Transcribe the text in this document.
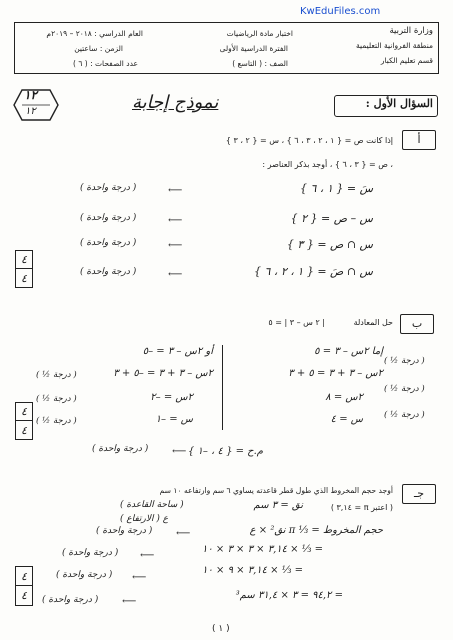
KwEduFiles.com
وزارة التربية
منطقة الفروانية التعليمية
قسم تعليم الكبار
اختبار مادة الرياضيات
الفترة الدراسية الأولى
الصف : ( التاسع )
العام الدراسي : ٢٠١٨ – ٢٠١٩م
الزمن : ساعتين
عدد الصفحات : ( ٦ )
١٢
١٢	نموذج إجابة	السؤال الأول :
أ
إذا كانت ص = { ١ ، ٢ ، ٣ ، ٦ } ، س = { ٢ ، ٣ }
، ص = { ٣ ، ٦ } ، أوجد بذكر العناصر :
سَ = { ١ ، ٦ }
( درجة واحدة )	⟵
س – ص = { ٢ }
( درجة واحدة )	⟵
س ∩ ص = { ٣ }
( درجة واحدة )	⟵
س ∩ صَ = { ١ ، ٢ ، ٦ }
( درجة واحدة )	⟵
٤
٤
ب
حل المعادلة
| ٢ س – ٣ | = ٥
إما ٢س – ٣ = ٥
٢س – ٣ + ٣ = ٥ + ٣
٢س = ٨
س = ٤
أو ٢س – ٣ = –٥
٢س – ٣ + ٣ = –٥ + ٣
٢س = –٢
س = –١
( ½ درجة )
( ½ درجة )
( ½ درجة )
( ½ درجة )
( ½ درجة )
( ½ درجة )
م.ح = { ٤ ، –١ }
( درجة واحدة ) ⟵
٤
٤
جـ
أوجد حجم المخروط الذي طول قطر قاعدته يساوي ٦ سم وارتفاعه ١٠ سم
( اعتبر π = ٣,١٤ )
نق = ٣ سم
( ساحة القاعدة )
ع ( الارتفاع )
حجم المخروط = ⅓ π نق² × ع
( درجة واحدة ) ⟵
= ⅓ × ٣,١٤ × ٣ × ٣ × ١٠
( درجة واحدة ) ⟵
= ⅓ × ٣,١٤ × ٩ × ١٠
( درجة واحدة ) ⟵
= ٩٤,٢ = ٣ × ٣١,٤ سم³
( درجة واحدة ) ⟵
٤
٤
( ١ )
